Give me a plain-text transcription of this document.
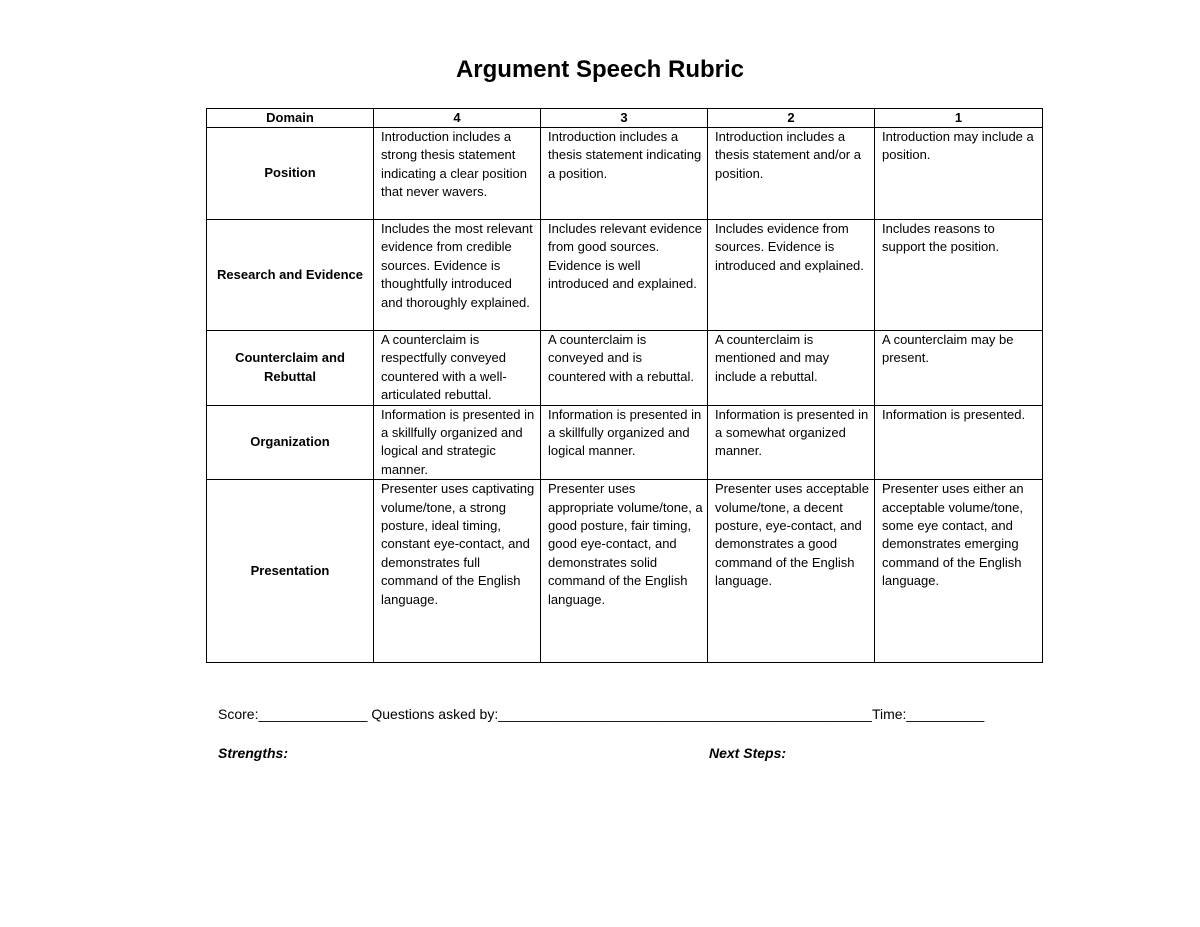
Argument Speech Rubric
Domain	4	3	2	1
Position	Introduction includes a strong thesis statement indicating a clear position that never wavers.	Introduction includes a thesis statement indicating a position.	Introduction includes a thesis statement and/or a position.	Introduction may include a position.
Research and Evidence	Includes the most relevant evidence from credible sources. Evidence is thoughtfully introduced and thoroughly explained.	Includes relevant evidence from good sources. Evidence is well introduced and explained.	Includes evidence from sources. Evidence is introduced and explained.	Includes reasons to support the position.
Counterclaim and Rebuttal	A counterclaim is respectfully conveyed countered with a well-articulated rebuttal.	A counterclaim is conveyed and is countered with a rebuttal.	A counterclaim is mentioned and may include a rebuttal.	A counterclaim may be present.
Organization	Information is presented in a skillfully organized and logical and strategic manner.	Information is presented in a skillfully organized and logical manner.	Information is presented in a somewhat organized manner.	Information is presented.
Presentation	Presenter uses captivating volume/tone, a strong posture, ideal timing, constant eye-contact, and demonstrates full command of the English language.	Presenter uses appropriate volume/tone, a good posture, fair timing, good eye-contact, and demonstrates solid command of the English language.	Presenter uses acceptable volume/tone, a decent posture, eye-contact, and demonstrates a good command of the English language.	Presenter uses either an acceptable volume/tone, some eye contact, and demonstrates emerging command of the English language.
Score:______________ Questions asked by:________________________________________________Time:__________
Strengths:	Next Steps:
